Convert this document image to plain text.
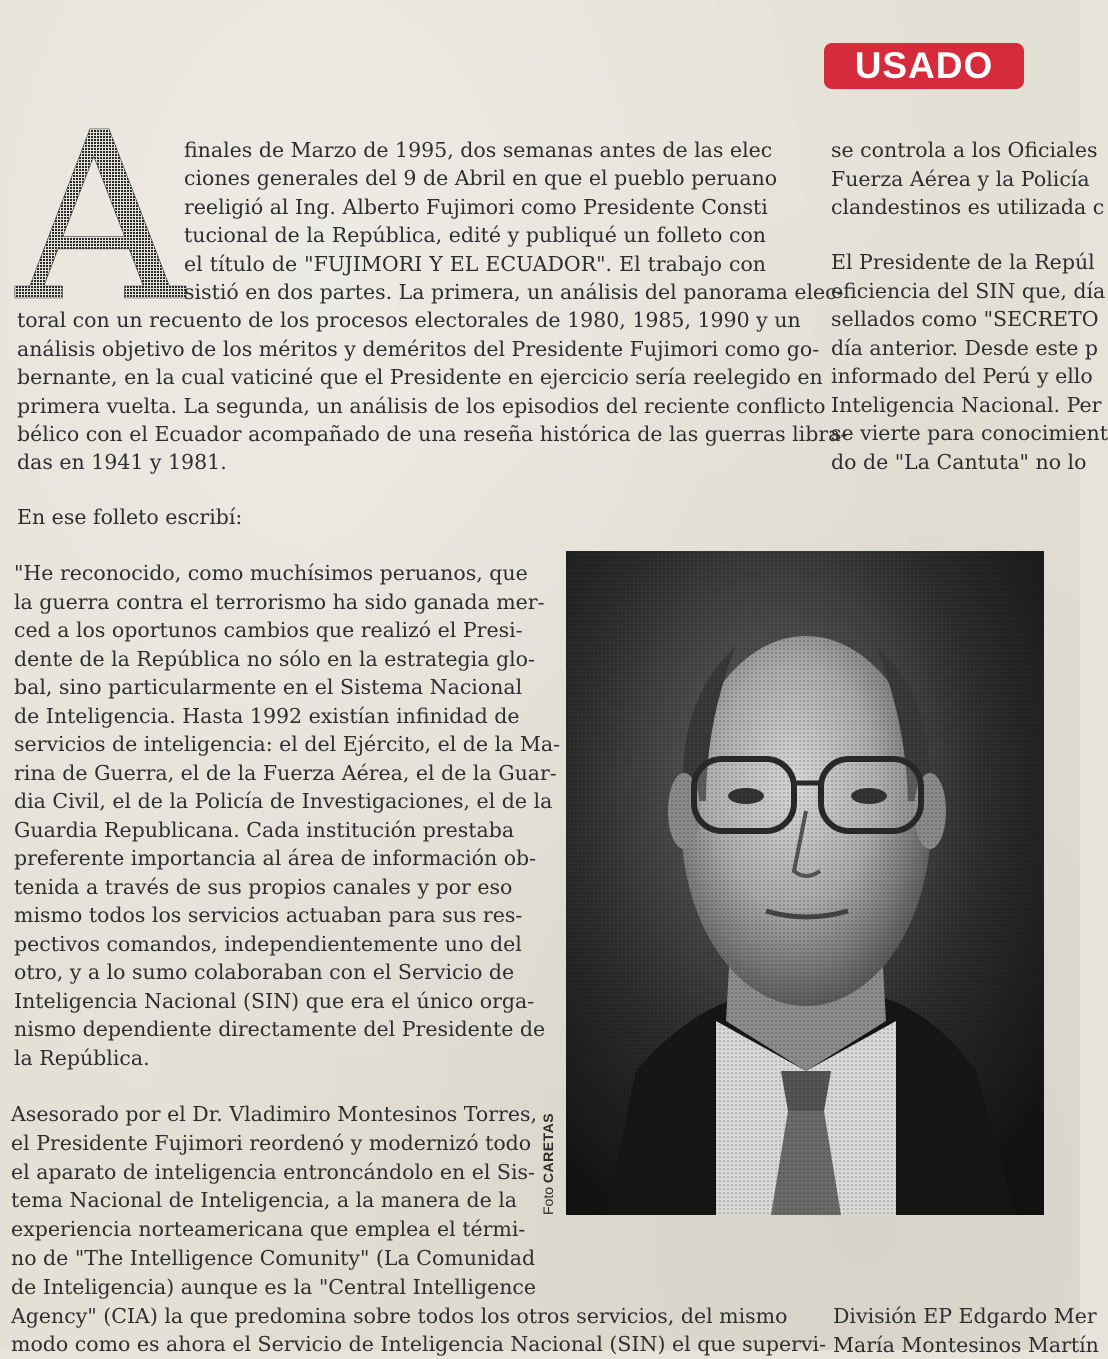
USADO
A finales de Marzo de 1995, dos semanas antes de las elec
ciones generales del 9 de Abril en que el pueblo peruano
reeligió al Ing. Alberto Fujimori como Presidente Consti
tucional de la República, edité y publiqué un folleto con
el título de "FUJIMORI Y EL ECUADOR". El trabajo con
sistió en dos partes. La primera, un análisis del panorama elec-
toral con un recuento de los procesos electorales de 1980, 1985, 1990 y un
análisis objetivo de los méritos y deméritos del Presidente Fujimori como go-
bernante, en la cual vaticiné que el Presidente en ejercicio sería reelegido en
primera vuelta. La segunda, un análisis de los episodios del reciente conflicto
bélico con el Ecuador acompañado de una reseña histórica de las guerras libra-
das en 1941 y 1981.
En ese folleto escribí:
"He reconocido, como muchísimos peruanos, que
la guerra contra el terrorismo ha sido ganada mer-
ced a los oportunos cambios que realizó el Presi-
dente de la República no sólo en la estrategia glo-
bal, sino particularmente en el Sistema Nacional
de Inteligencia. Hasta 1992 existían infinidad de
servicios de inteligencia: el del Ejército, el de la Ma-
rina de Guerra, el de la Fuerza Aérea, el de la Guar-
dia Civil, el de la Policía de Investigaciones, el de la
Guardia Republicana. Cada institución prestaba
preferente importancia al área de información ob-
tenida a través de sus propios canales y por eso
mismo todos los servicios actuaban para sus res-
pectivos comandos, independientemente uno del
otro, y a lo sumo colaboraban con el Servicio de
Inteligencia Nacional (SIN) que era el único orga-
nismo dependiente directamente del Presidente de
la República.
Asesorado por el Dr. Vladimiro Montesinos Torres,
el Presidente Fujimori reordenó y modernizó todo
el aparato de inteligencia entroncándolo en el Sis-
tema Nacional de Inteligencia, a la manera de la
experiencia norteamericana que emplea el térmi-
no de "The Intelligence Comunity" (La Comunidad
de Inteligencia) aunque es la "Central Intelligence
Agency" (CIA) la que predomina sobre todos los otros servicios, del mismo
modo como es ahora el Servicio de Inteligencia Nacional (SIN) el que supervi-
se controla a los Oficiales
Fuerza Aérea y la Policía
clandestinos es utilizada c
El Presidente de la Repúl
eficiencia del SIN que, día
sellados como "SECRETO
día anterior. Desde este p
informado del Perú y ello
Inteligencia Nacional. Per
se vierte para conocimient
do de "La Cantuta" no lo
División EP Edgardo Mer
María Montesinos Martín
Foto CARETAS
